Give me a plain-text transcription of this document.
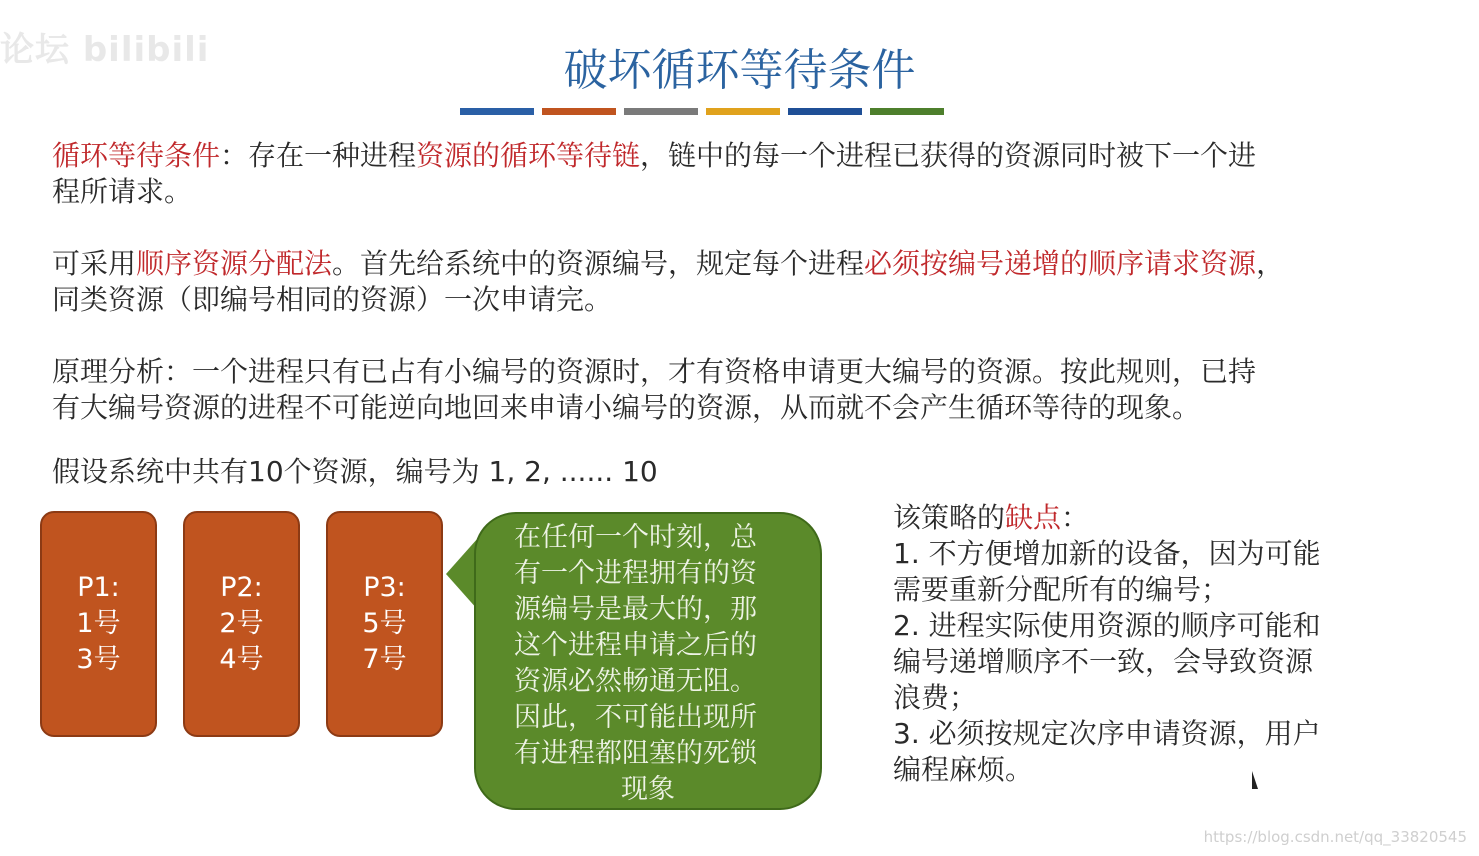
论坛 bilibili	破坏循环等待条件
循环等待条件：存在一种进程资源的循环等待链，链中的每一个进程已获得的资源同时被下一个进
程所请求。
可采用顺序资源分配法。首先给系统中的资源编号，规定每个进程必须按编号递增的顺序请求资源，
同类资源（即编号相同的资源）一次申请完。
原理分析：一个进程只有已占有小编号的资源时，才有资格申请更大编号的资源。按此规则，已持
有大编号资源的进程不可能逆向地回来申请小编号的资源，从而就不会产生循环等待的现象。
假设系统中共有10个资源，编号为 1, 2, ...... 10
P1:
1号
3号
P2:
2号
4号
P3:
5号
7号
在任何一个时刻，总
有一个进程拥有的资
源编号是最大的，那
这个进程申请之后的
资源必然畅通无阻。
因此，不可能出现所
有进程都阻塞的死锁
现象
该策略的缺点：
1. 不方便增加新的设备，因为可能
需要重新分配所有的编号；
2. 进程实际使用资源的顺序可能和
编号递增顺序不一致，会导致资源
浪费；
3. 必须按规定次序申请资源，用户
编程麻烦。
https://blog.csdn.net/qq_33820545
